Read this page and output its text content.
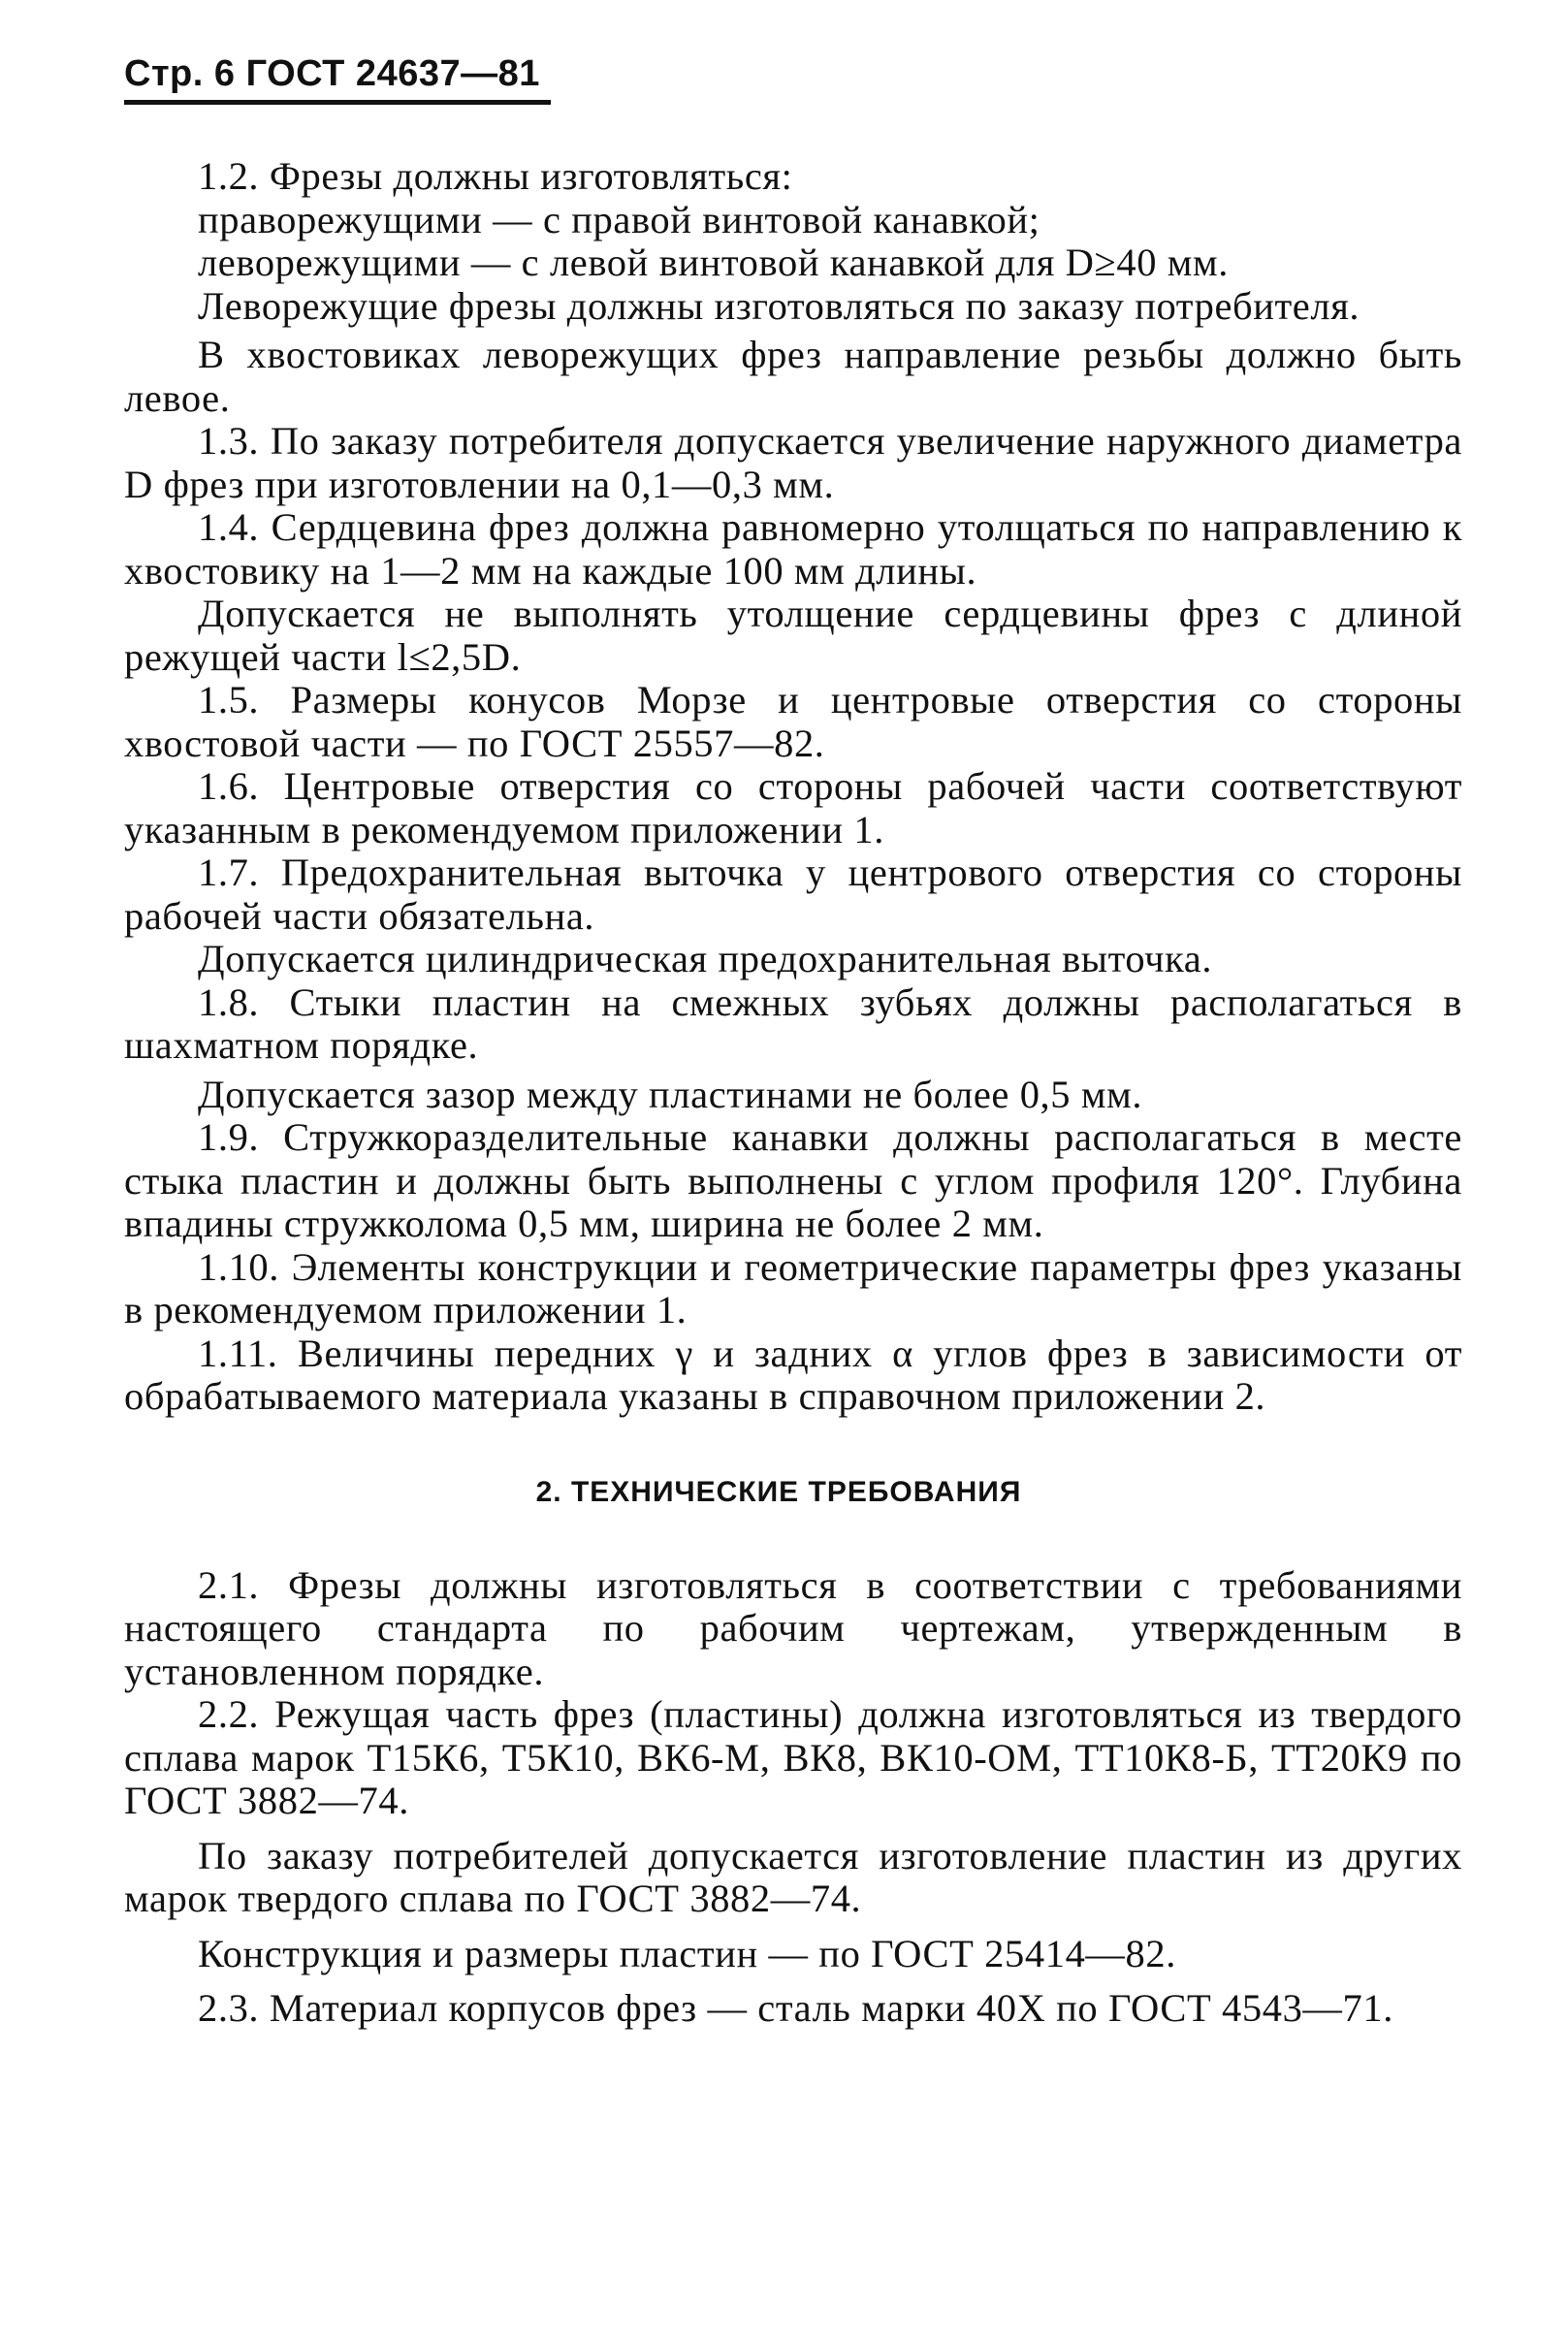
Стр. 6 ГОСТ 24637—81

1.2. Фрезы должны изготовляться:

праворежущими — с правой винтовой канавкой;

леворежущими — с левой винтовой канавкой для D≥40 мм.

Леворежущие фрезы должны изготовляться по заказу потребителя.

В хвостовиках леворежущих фрез направление резьбы должно быть левое.

1.3. По заказу потребителя допускается увеличение наружного диаметра D фрез при изготовлении на 0,1—0,3 мм.

1.4. Сердцевина фрез должна равномерно утолщаться по направлению к хвостовику на 1—2 мм на каждые 100 мм длины.

Допускается не выполнять утолщение сердцевины фрез с длиной режущей части l≤2,5D.

1.5. Размеры конусов Морзе и центровые отверстия со стороны хвостовой части — по ГОСТ 25557—82.

1.6. Центровые отверстия со стороны рабочей части соответствуют указанным в рекомендуемом приложении 1.

1.7. Предохранительная выточка у центрового отверстия со стороны рабочей части обязательна.

Допускается цилиндрическая предохранительная выточка.

1.8. Стыки пластин на смежных зубьях должны располагаться в шахматном порядке.

Допускается зазор между пластинами не более 0,5 мм.

1.9. Стружкоразделительные канавки должны располагаться в месте стыка пластин и должны быть выполнены с углом профиля 120°. Глубина впадины стружколома 0,5 мм, ширина не более 2 мм.

1.10. Элементы конструкции и геометрические параметры фрез указаны в рекомендуемом приложении 1.

1.11. Величины передних γ и задних α углов фрез в зависимости от обрабатываемого материала указаны в справочном приложении 2.

2. ТЕХНИЧЕСКИЕ ТРЕБОВАНИЯ

2.1. Фрезы должны изготовляться в соответствии с требованиями настоящего стандарта по рабочим чертежам, утвержденным в установленном порядке.

2.2. Режущая часть фрез (пластины) должна изготовляться из твердого сплава марок Т15К6, Т5К10, ВК6-М, ВК8, ВК10-ОМ, ТТ10К8-Б, ТТ20К9 по ГОСТ 3882—74.

По заказу потребителей допускается изготовление пластин из других марок твердого сплава по ГОСТ 3882—74.

Конструкция и размеры пластин — по ГОСТ 25414—82.

2.3. Материал корпусов фрез — сталь марки 40Х по ГОСТ 4543—71.
